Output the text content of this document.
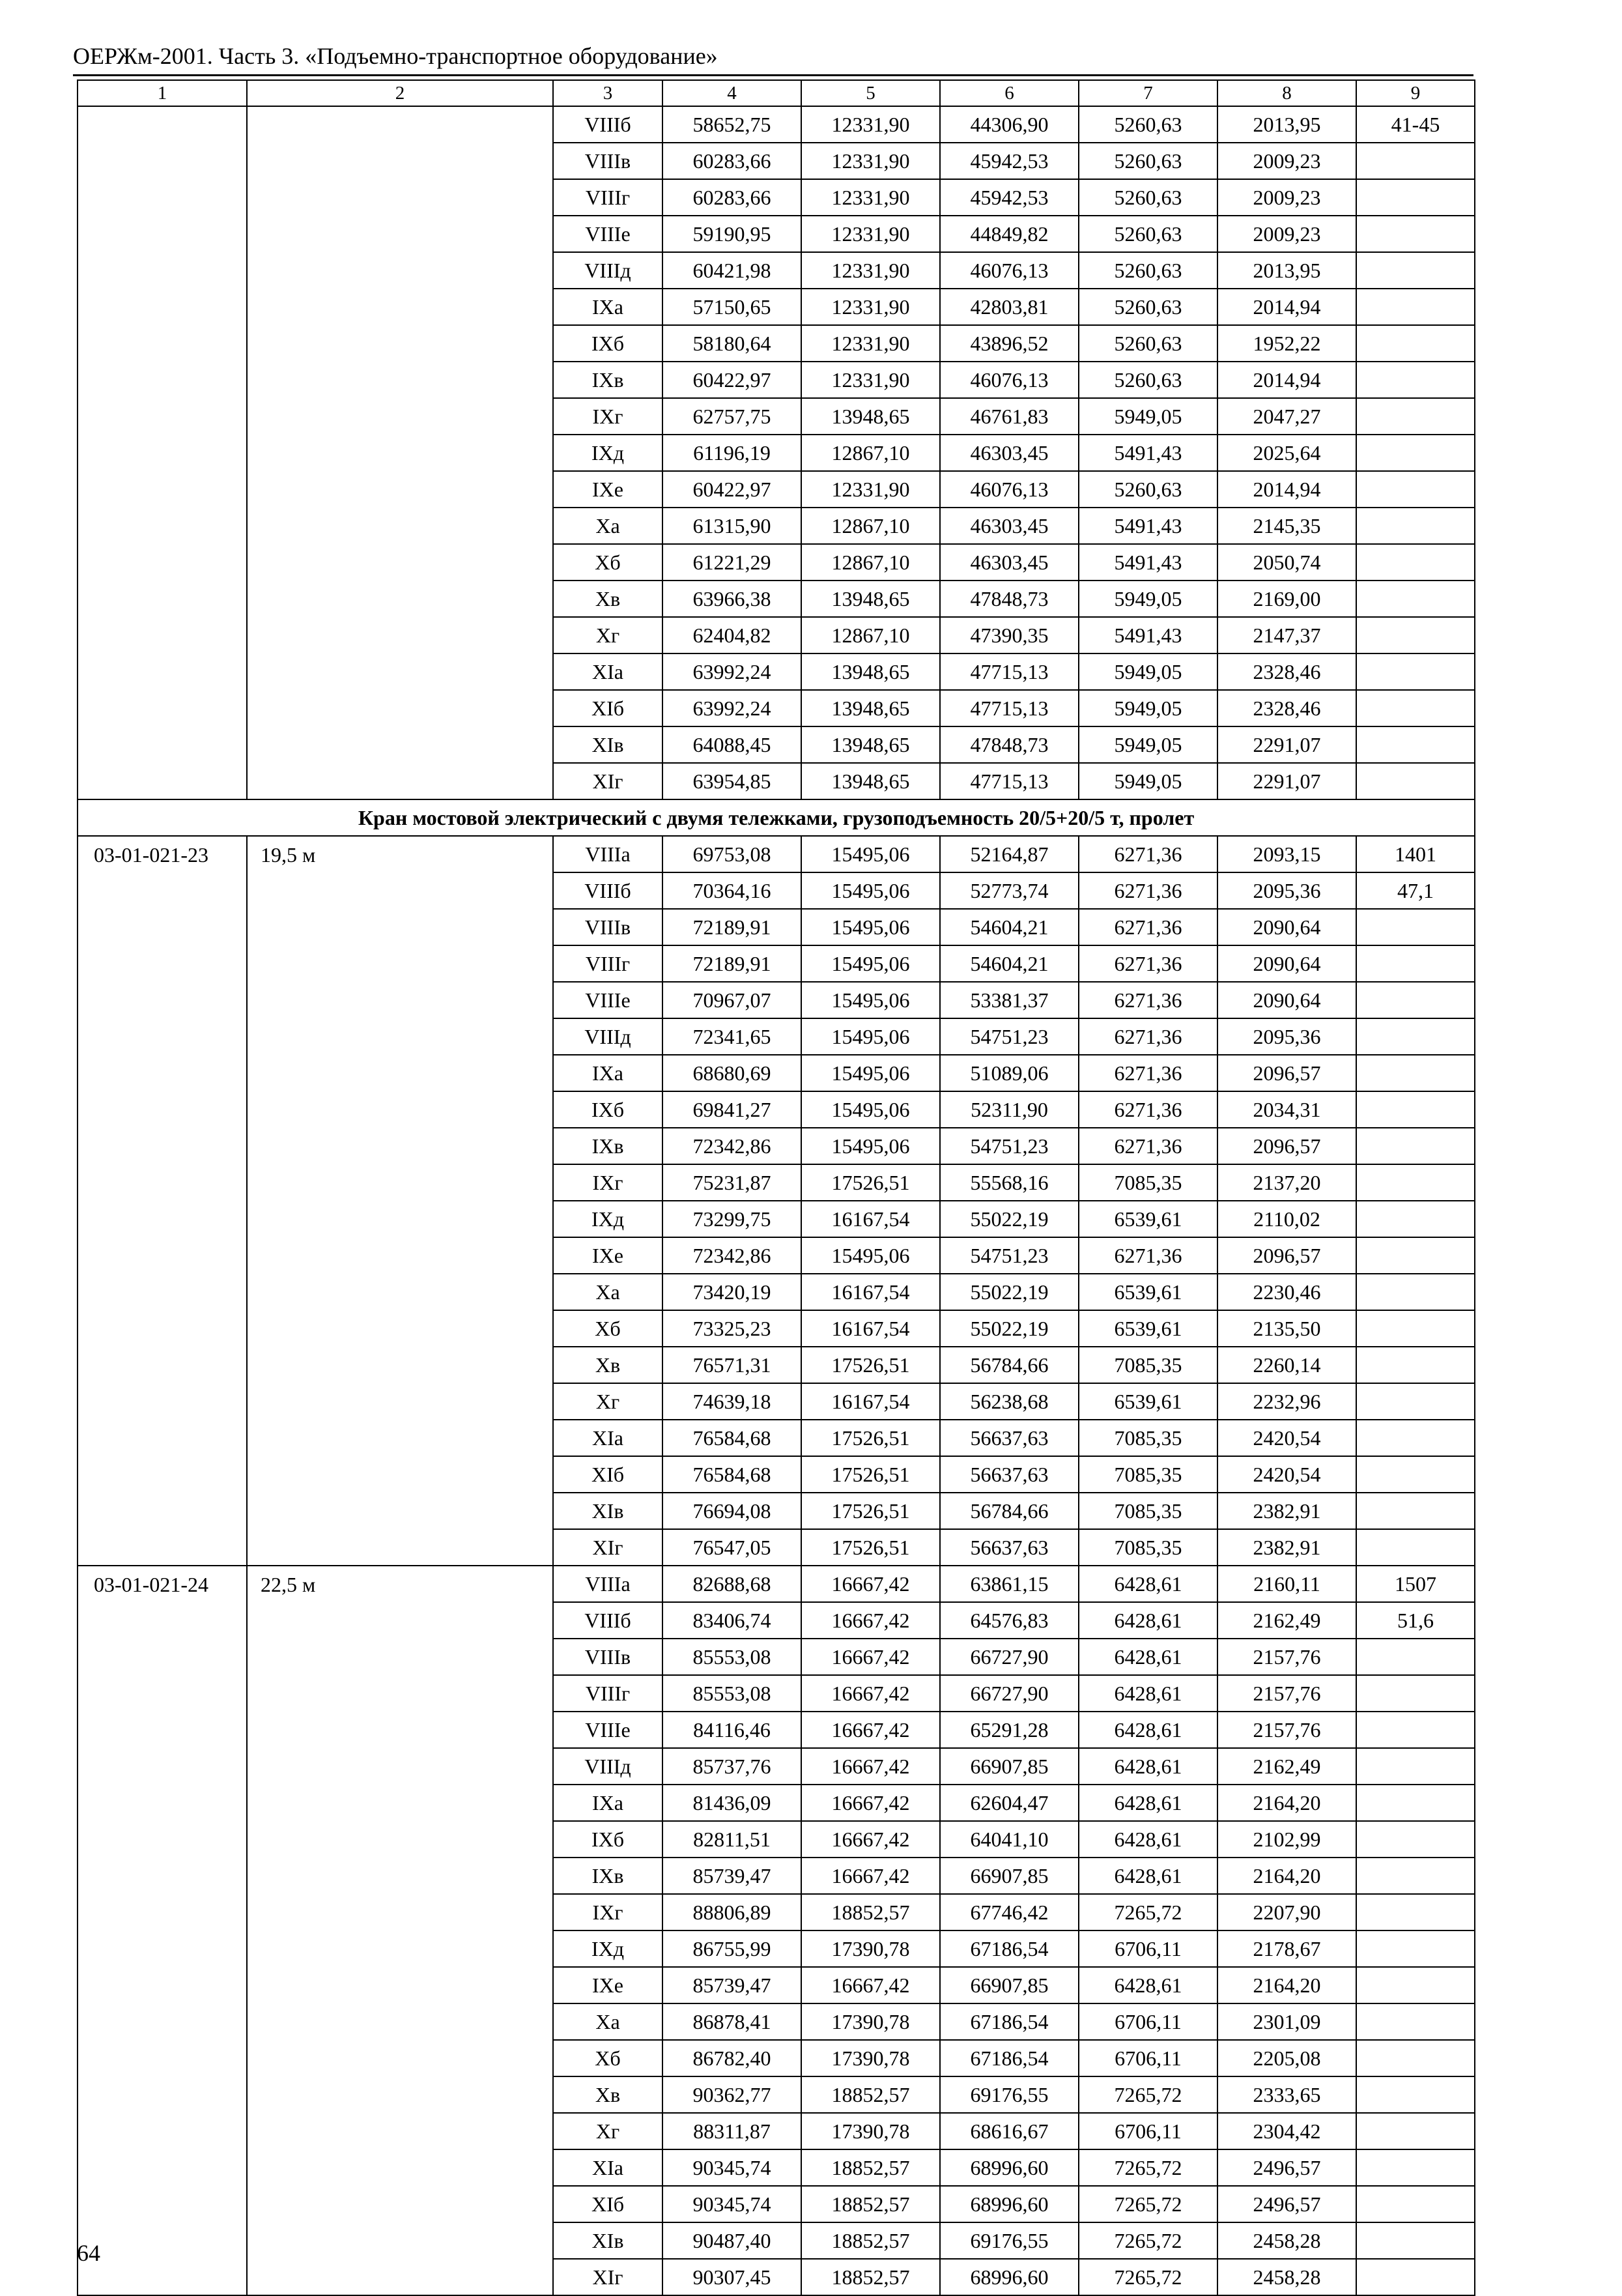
ОЕРЖм-2001. Часть 3. «Подъемно-транспортное оборудование»
1	2	3	4	5	6	7	8	9
		VIIIб	58652,75	12331,90	44306,90	5260,63	2013,95	41-45
		VIIIв	60283,66	12331,90	45942,53	5260,63	2009,23	
		VIIIг	60283,66	12331,90	45942,53	5260,63	2009,23	
		VIIIе	59190,95	12331,90	44849,82	5260,63	2009,23	
		VIIIд	60421,98	12331,90	46076,13	5260,63	2013,95	
		IXа	57150,65	12331,90	42803,81	5260,63	2014,94	
		IXб	58180,64	12331,90	43896,52	5260,63	1952,22	
		IXв	60422,97	12331,90	46076,13	5260,63	2014,94	
		IXг	62757,75	13948,65	46761,83	5949,05	2047,27	
		IXд	61196,19	12867,10	46303,45	5491,43	2025,64	
		IXе	60422,97	12331,90	46076,13	5260,63	2014,94	
		Xа	61315,90	12867,10	46303,45	5491,43	2145,35	
		Xб	61221,29	12867,10	46303,45	5491,43	2050,74	
		Xв	63966,38	13948,65	47848,73	5949,05	2169,00	
		Xг	62404,82	12867,10	47390,35	5491,43	2147,37	
		XIа	63992,24	13948,65	47715,13	5949,05	2328,46	
		XIб	63992,24	13948,65	47715,13	5949,05	2328,46	
		XIв	64088,45	13948,65	47848,73	5949,05	2291,07	
		XIг	63954,85	13948,65	47715,13	5949,05	2291,07	
Кран мостовой электрический с двумя тележками, грузоподъемность 20/5+20/5 т, пролет								
03-01-021-23	19,5 м	VIIIа	69753,08	15495,06	52164,87	6271,36	2093,15	1401
		VIIIб	70364,16	15495,06	52773,74	6271,36	2095,36	47,1
		VIIIв	72189,91	15495,06	54604,21	6271,36	2090,64	
		VIIIг	72189,91	15495,06	54604,21	6271,36	2090,64	
		VIIIе	70967,07	15495,06	53381,37	6271,36	2090,64	
		VIIIд	72341,65	15495,06	54751,23	6271,36	2095,36	
		IXа	68680,69	15495,06	51089,06	6271,36	2096,57	
		IXб	69841,27	15495,06	52311,90	6271,36	2034,31	
		IXв	72342,86	15495,06	54751,23	6271,36	2096,57	
		IXг	75231,87	17526,51	55568,16	7085,35	2137,20	
		IXд	73299,75	16167,54	55022,19	6539,61	2110,02	
		IXе	72342,86	15495,06	54751,23	6271,36	2096,57	
		Xа	73420,19	16167,54	55022,19	6539,61	2230,46	
		Xб	73325,23	16167,54	55022,19	6539,61	2135,50	
		Xв	76571,31	17526,51	56784,66	7085,35	2260,14	
		Xг	74639,18	16167,54	56238,68	6539,61	2232,96	
		XIа	76584,68	17526,51	56637,63	7085,35	2420,54	
		XIб	76584,68	17526,51	56637,63	7085,35	2420,54	
		XIв	76694,08	17526,51	56784,66	7085,35	2382,91	
		XIг	76547,05	17526,51	56637,63	7085,35	2382,91	
03-01-021-24	22,5 м	VIIIа	82688,68	16667,42	63861,15	6428,61	2160,11	1507
		VIIIб	83406,74	16667,42	64576,83	6428,61	2162,49	51,6
		VIIIв	85553,08	16667,42	66727,90	6428,61	2157,76	
		VIIIг	85553,08	16667,42	66727,90	6428,61	2157,76	
		VIIIе	84116,46	16667,42	65291,28	6428,61	2157,76	
		VIIIд	85737,76	16667,42	66907,85	6428,61	2162,49	
		IXа	81436,09	16667,42	62604,47	6428,61	2164,20	
		IXб	82811,51	16667,42	64041,10	6428,61	2102,99	
		IXв	85739,47	16667,42	66907,85	6428,61	2164,20	
		IXг	88806,89	18852,57	67746,42	7265,72	2207,90	
		IXд	86755,99	17390,78	67186,54	6706,11	2178,67	
		IXе	85739,47	16667,42	66907,85	6428,61	2164,20	
		Xа	86878,41	17390,78	67186,54	6706,11	2301,09	
		Xб	86782,40	17390,78	67186,54	6706,11	2205,08	
		Xв	90362,77	18852,57	69176,55	7265,72	2333,65	
		Xг	88311,87	17390,78	68616,67	6706,11	2304,42	
		XIа	90345,74	18852,57	68996,60	7265,72	2496,57	
		XIб	90345,74	18852,57	68996,60	7265,72	2496,57	
		XIв	90487,40	18852,57	69176,55	7265,72	2458,28	
		XIг	90307,45	18852,57	68996,60	7265,72	2458,28	
64
